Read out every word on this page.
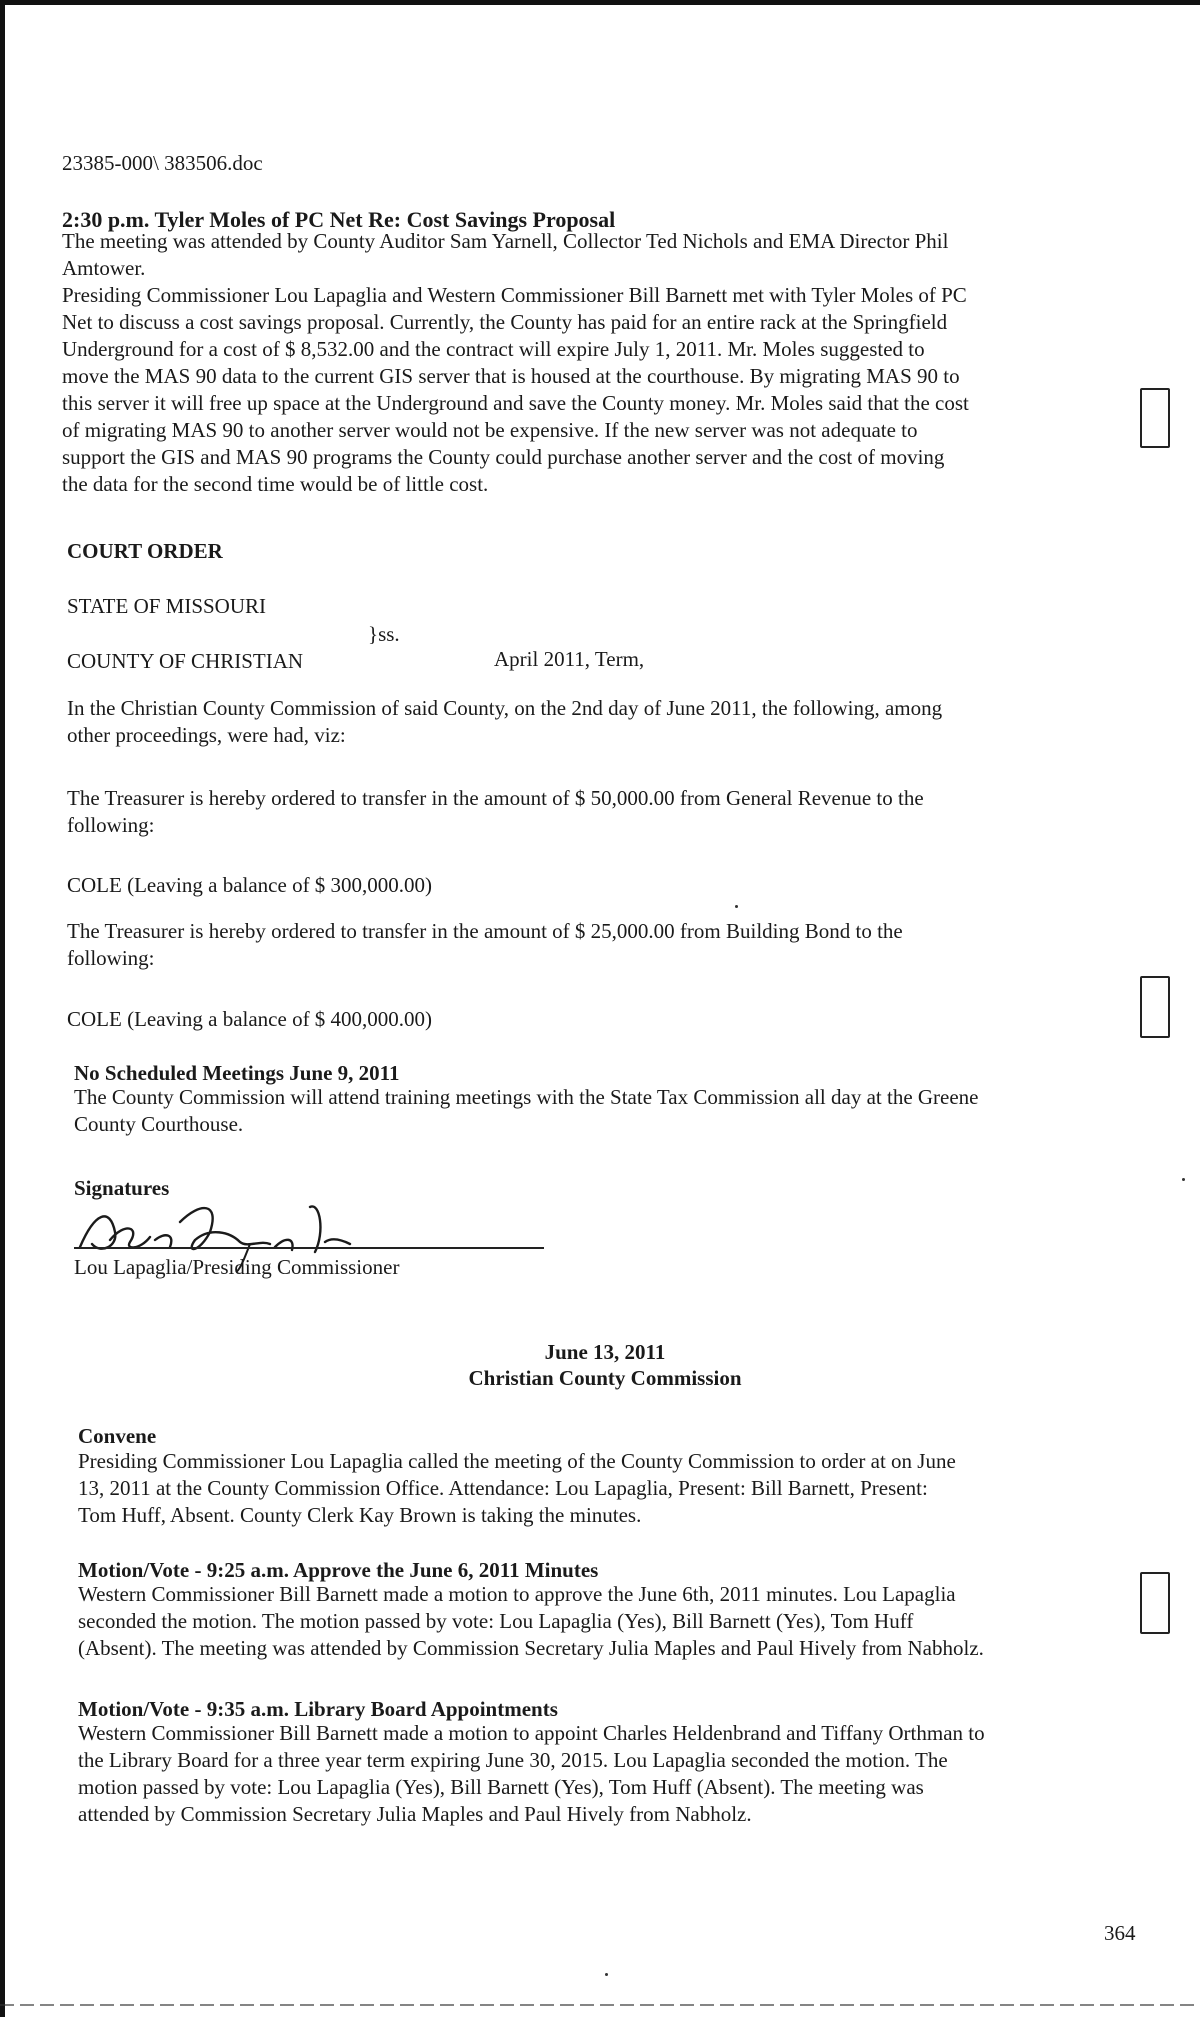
23385-000\ 383506.doc
2:30 p.m. Tyler Moles of PC Net Re: Cost Savings Proposal
The meeting was attended by County Auditor Sam Yarnell, Collector Ted Nichols and EMA Director Phil
Amtower.
Presiding Commissioner Lou Lapaglia and Western Commissioner Bill Barnett met with Tyler Moles of PC
Net to discuss a cost savings proposal. Currently, the County has paid for an entire rack at the Springfield
Underground for a cost of $ 8,532.00 and the contract will expire July 1, 2011. Mr. Moles suggested to
move the MAS 90 data to the current GIS server that is housed at the courthouse. By migrating MAS 90 to
this server it will free up space at the Underground and save the County money. Mr. Moles said that the cost
of migrating MAS 90 to another server would not be expensive. If the new server was not adequate to
support the GIS and MAS 90 programs the County could purchase another server and the cost of moving
the data for the second time would be of little cost.
COURT ORDER
STATE OF MISSOURI
}ss.
COUNTY OF CHRISTIAN	April 2011, Term,
In the Christian County Commission of said County, on the 2nd day of June 2011, the following, among
other proceedings, were had, viz:
The Treasurer is hereby ordered to transfer in the amount of $ 50,000.00 from General Revenue to the
following:
COLE (Leaving a balance of $ 300,000.00)
The Treasurer is hereby ordered to transfer in the amount of $ 25,000.00 from Building Bond to the
following:
COLE (Leaving a balance of $ 400,000.00)
No Scheduled Meetings June 9, 2011
The County Commission will attend training meetings with the State Tax Commission all day at the Greene
County Courthouse.
Signatures
Lou Lapaglia/Presiding Commissioner
June 13, 2011
Christian County Commission
Convene
Presiding Commissioner Lou Lapaglia called the meeting of the County Commission to order at on June
13, 2011 at the County Commission Office. Attendance: Lou Lapaglia, Present: Bill Barnett, Present:
Tom Huff, Absent. County Clerk Kay Brown is taking the minutes.
Motion/Vote - 9:25 a.m. Approve the June 6, 2011 Minutes
Western Commissioner Bill Barnett made a motion to approve the June 6th, 2011 minutes. Lou Lapaglia
seconded the motion. The motion passed by vote: Lou Lapaglia (Yes), Bill Barnett (Yes), Tom Huff
(Absent). The meeting was attended by Commission Secretary Julia Maples and Paul Hively from Nabholz.
Motion/Vote - 9:35 a.m. Library Board Appointments
Western Commissioner Bill Barnett made a motion to appoint Charles Heldenbrand and Tiffany Orthman to
the Library Board for a three year term expiring June 30, 2015. Lou Lapaglia seconded the motion. The
motion passed by vote: Lou Lapaglia (Yes), Bill Barnett (Yes), Tom Huff (Absent). The meeting was
attended by Commission Secretary Julia Maples and Paul Hively from Nabholz.
364
